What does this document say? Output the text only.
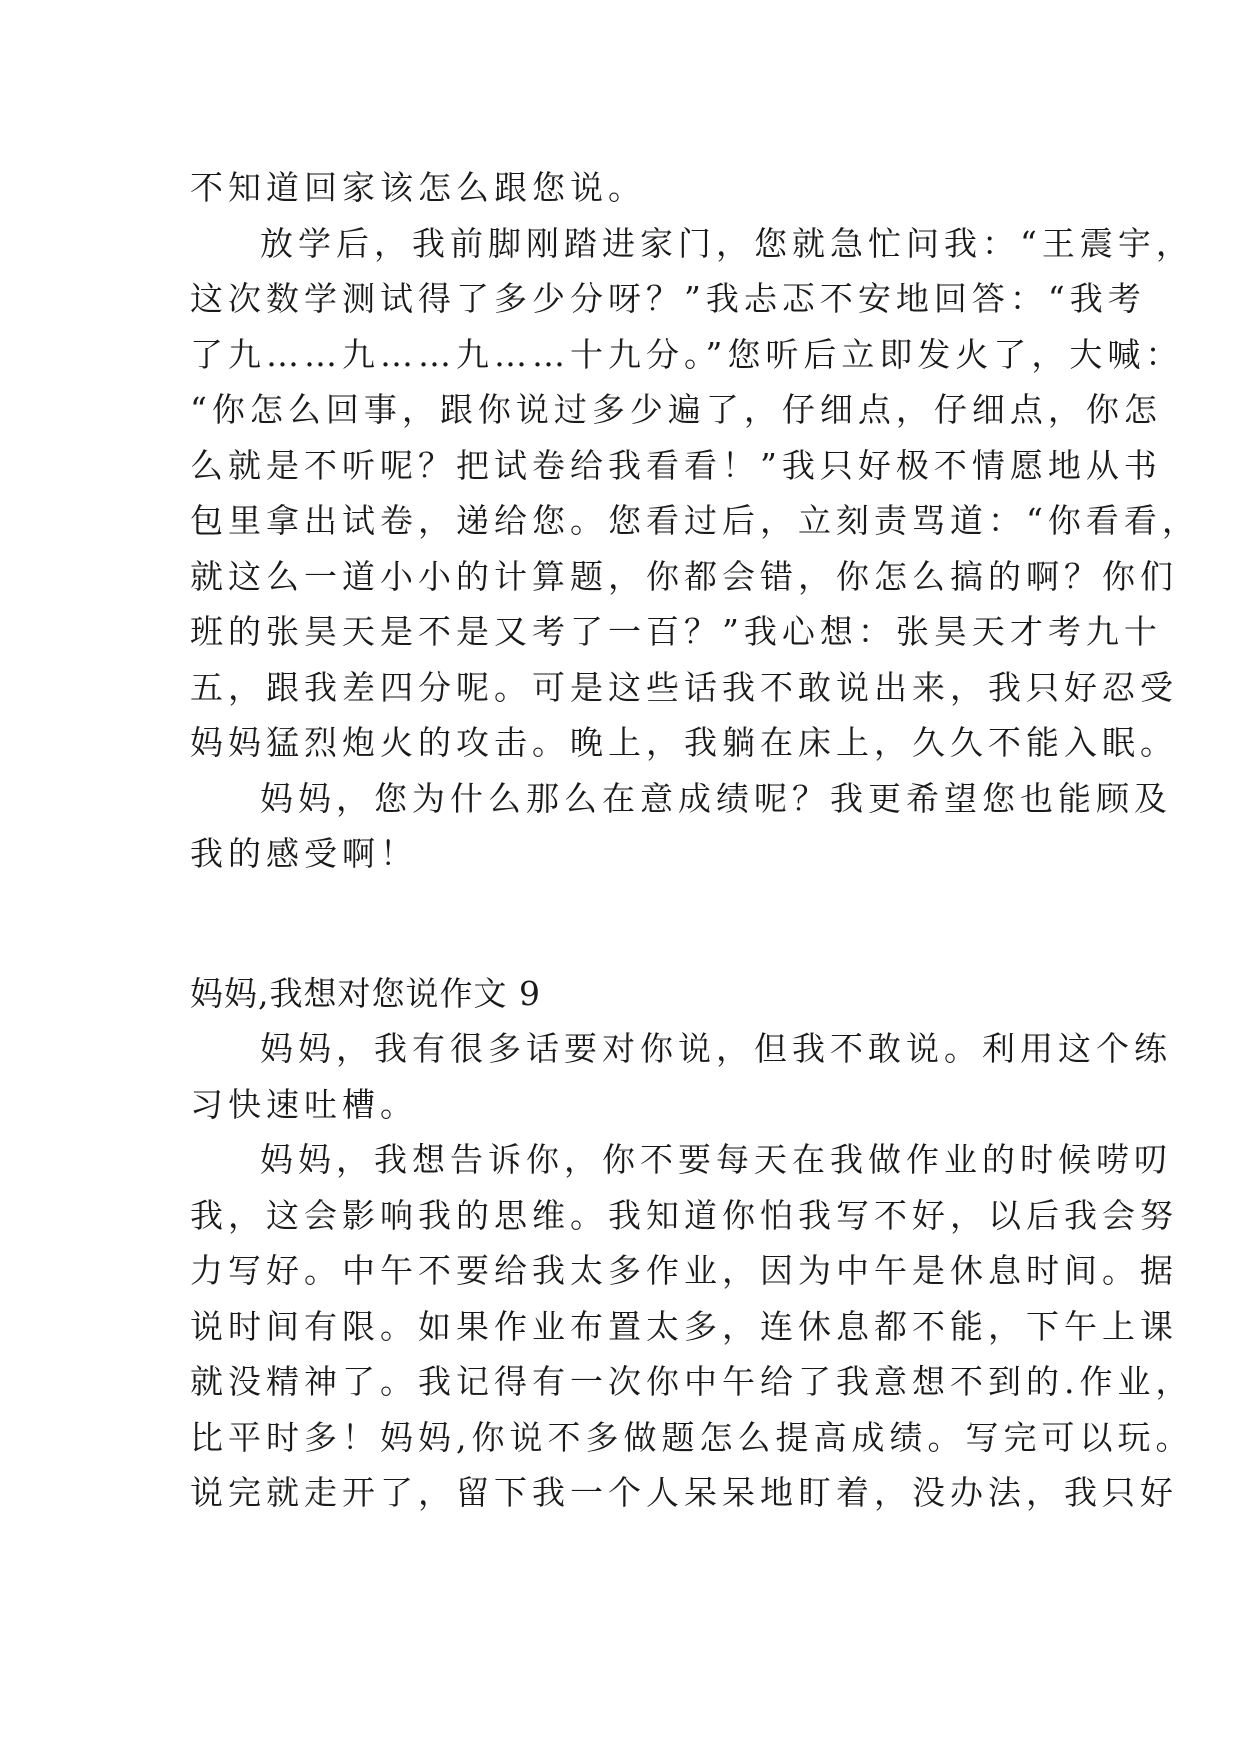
不知道回家该怎么跟您说。

放学后，我前脚刚踏进家门，您就急忙问我：“王震宇，

这次数学测试得了多少分呀？”我忐忑不安地回答：“我考

了九……九……九……十九分。”您听后立即发火了，大喊：

“你怎么回事，跟你说过多少遍了，仔细点，仔细点，你怎

么就是不听呢？把试卷给我看看！”我只好极不情愿地从书

包里拿出试卷，递给您。您看过后，立刻责骂道：“你看看，

就这么一道小小的计算题，你都会错，你怎么搞的啊？你们

班的张昊天是不是又考了一百？”我心想：张昊天才考九十

五，跟我差四分呢。可是这些话我不敢说出来，我只好忍受

妈妈猛烈炮火的攻击。晚上，我躺在床上，久久不能入眠。

妈妈，您为什么那么在意成绩呢？我更希望您也能顾及

我的感受啊！

妈妈,我想对您说作文 9

妈妈，我有很多话要对你说，但我不敢说。利用这个练

习快速吐槽。

妈妈，我想告诉你，你不要每天在我做作业的时候唠叨

我，这会影响我的思维。我知道你怕我写不好，以后我会努

力写好。中午不要给我太多作业，因为中午是休息时间。据

说时间有限。如果作业布置太多，连休息都不能，下午上课

就没精神了。我记得有一次你中午给了我意想不到的.作业，

比平时多！妈妈,你说不多做题怎么提高成绩。写完可以玩。

说完就走开了，留下我一个人呆呆地盯着，没办法，我只好
